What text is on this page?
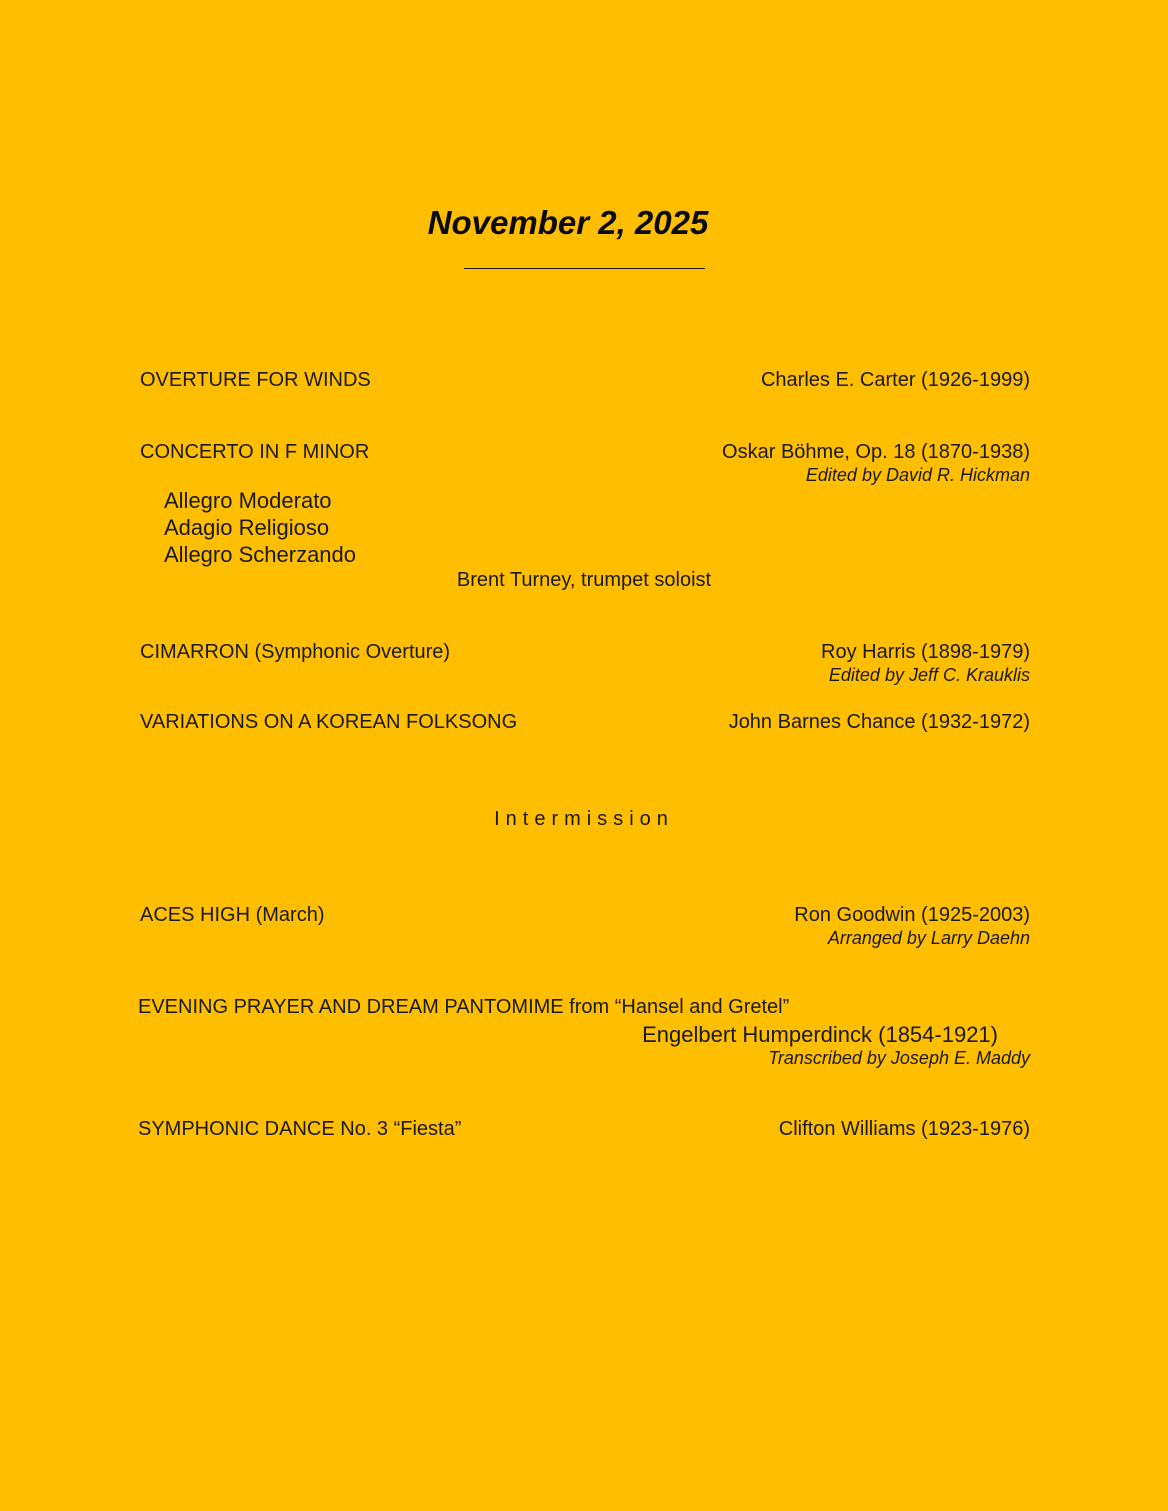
November 2, 2025
OVERTURE FOR WINDS	Charles E. Carter (1926-1999)
CONCERTO IN F MINOR	Oskar Böhme, Op. 18 (1870-1938)
Edited by David R. Hickman
Allegro Moderato
Adagio Religioso
Allegro Scherzando
Brent Turney, trumpet soloist
CIMARRON (Symphonic Overture)	Roy Harris (1898-1979)
Edited by Jeff C. Krauklis
VARIATIONS ON A KOREAN FOLKSONG	John Barnes Chance (1932-1972)
Intermission
ACES HIGH (March)	Ron Goodwin (1925-2003)
Arranged by Larry Daehn
EVENING PRAYER AND DREAM PANTOMIME from “Hansel and Gretel”
Engelbert Humperdinck (1854-1921)
Transcribed by Joseph E. Maddy
SYMPHONIC DANCE No. 3 “Fiesta”	Clifton Williams (1923-1976)
